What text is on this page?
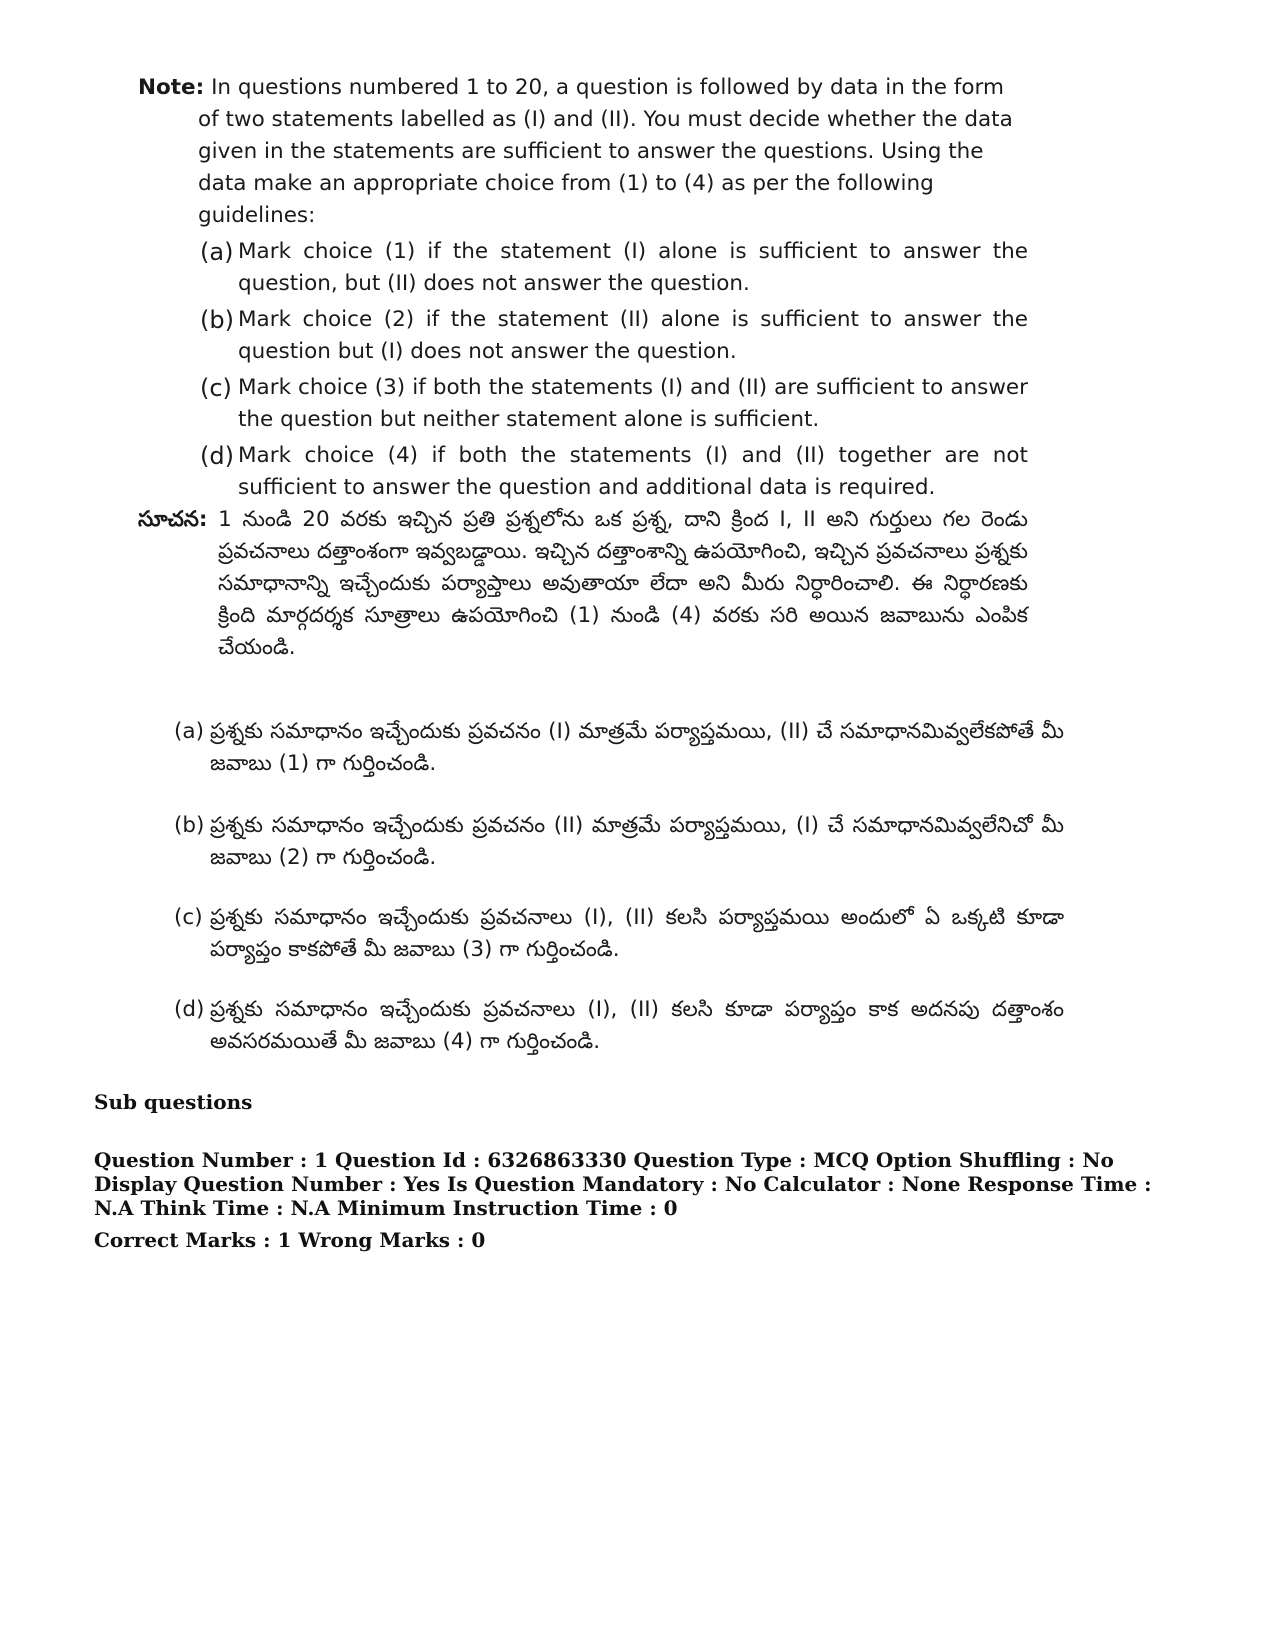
Note: In questions numbered 1 to 20, a question is followed by data in the form of two statements labelled as (I) and (II). You must decide whether the data given in the statements are sufficient to answer the questions. Using the data make an appropriate choice from (1) to (4) as per the following guidelines:
(a) Mark choice (1) if the statement (I) alone is sufficient to answer the question, but (II) does not answer the question.
(b) Mark choice (2) if the statement (II) alone is sufficient to answer the question but (I) does not answer the question.
(c) Mark choice (3) if both the statements (I) and (II) are sufficient to answer the question but neither statement alone is sufficient.
(d) Mark choice (4) if both the statements (I) and (II) together are not sufficient to answer the question and additional data is required.
సూచన: 1 నుండి 20 వరకు ఇచ్చిన ప్రతి ప్రశ్నలోను ఒక ప్రశ్న, దాని క్రింద I, II అని గుర్తులు గల రెండు ప్రవచనాలు దత్తాంశంగా ఇవ్వబడ్డాయి. ఇచ్చిన దత్తాంశాన్ని ఉపయోగించి, ఇచ్చిన ప్రవచనాలు ప్రశ్నకు సమాధానాన్ని ఇచ్చేందుకు పర్యాప్తాలు అవుతాయా లేదా అని మీరు నిర్ధారించాలి. ఈ నిర్ధారణకు క్రింది మార్గదర్శక సూత్రాలు ఉపయోగించి (1) నుండి (4) వరకు సరి అయిన జవాబును ఎంపిక చేయండి.
(a) ప్రశ్నకు సమాధానం ఇచ్చేందుకు ప్రవచనం (I) మాత్రమే పర్యాప్తమయి, (II) చే సమాధానమివ్వలేకపోతే మీ జవాబు (1) గా గుర్తించండి.
(b) ప్రశ్నకు సమాధానం ఇచ్చేందుకు ప్రవచనం (II) మాత్రమే పర్యాప్తమయి, (I) చే సమాధానమివ్వలేనిచో మీ జవాబు (2) గా గుర్తించండి.
(c) ప్రశ్నకు సమాధానం ఇచ్చేందుకు ప్రవచనాలు (I), (II) కలసి పర్యాప్తమయి అందులో ఏ ఒక్కటి కూడా పర్యాప్తం కాకపోతే మీ జవాబు (3) గా గుర్తించండి.
(d) ప్రశ్నకు సమాధానం ఇచ్చేందుకు ప్రవచనాలు (I), (II) కలసి కూడా పర్యాప్తం కాక అదనపు దత్తాంశం అవసరమయితే మీ జవాబు (4) గా గుర్తించండి.
Sub questions
Question Number : 1 Question Id : 6326863330 Question Type : MCQ Option Shuffling : No Display Question Number : Yes Is Question Mandatory : No Calculator : None Response Time : N.A Think Time : N.A Minimum Instruction Time : 0
Correct Marks : 1 Wrong Marks : 0
